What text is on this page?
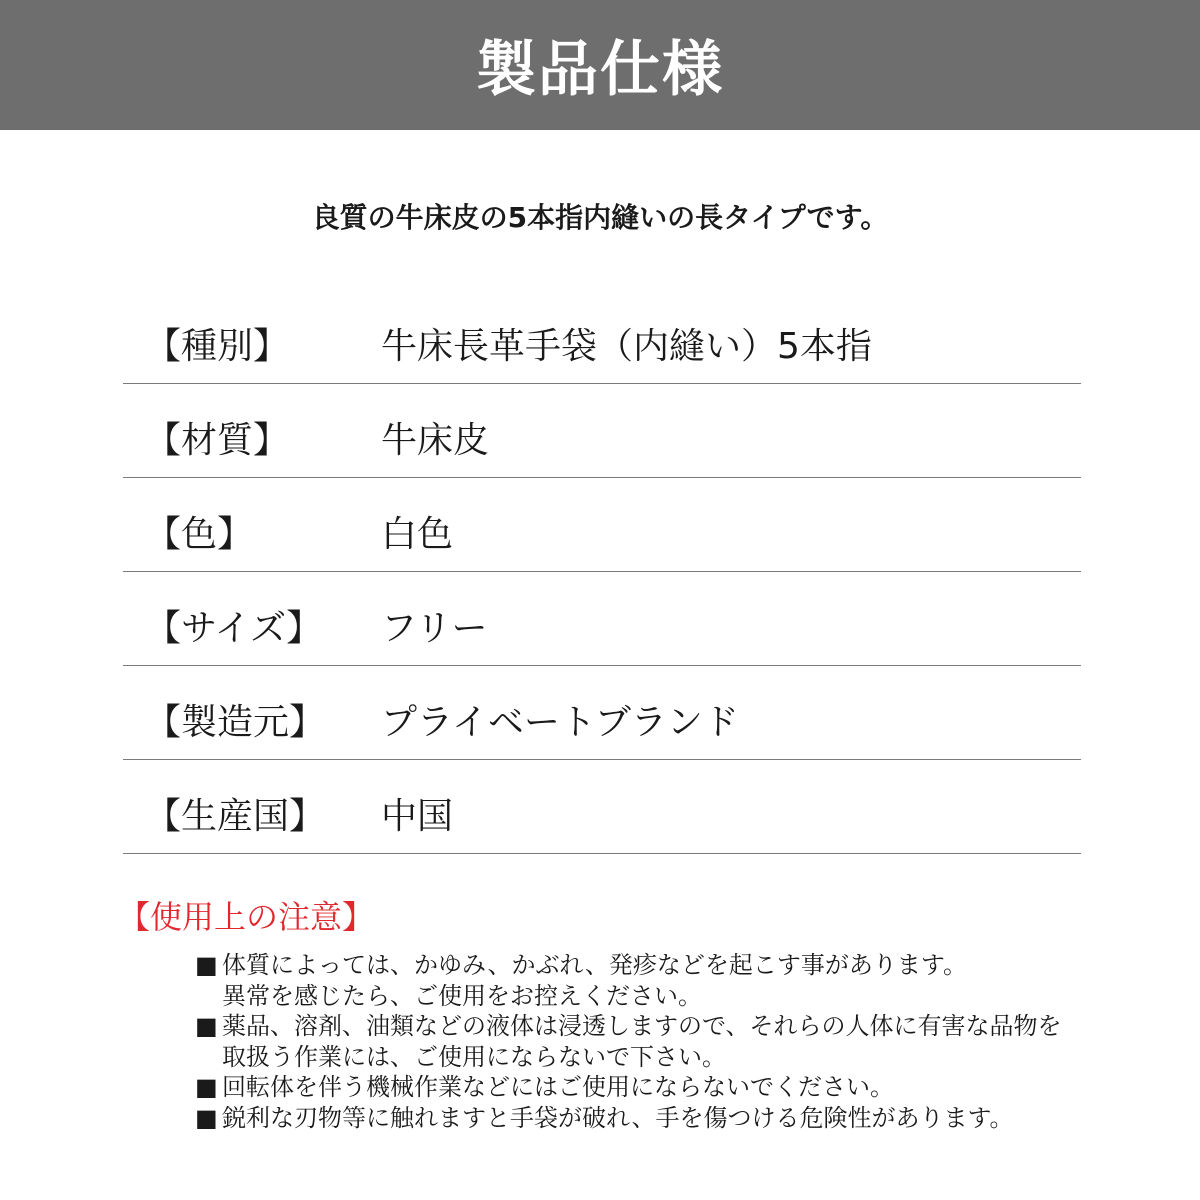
製品仕様
良質の牛床皮の5本指内縫いの長タイプです。
【種別】	牛床長革手袋（内縫い）5本指
【材質】	牛床皮
【色】	白色
【サイズ】 フリー
【製造元】 プライベートブランド
【生産国】 中国
【使用上の注意】
■ 体質によっては、かゆみ、かぶれ、発疹などを起こす事があります。
異常を感じたら、ご使用をお控えください。
■ 薬品、溶剤、油類などの液体は浸透しますので、それらの人体に有害な品物を
取扱う作業には、ご使用にならないで下さい。
■ 回転体を伴う機械作業などにはご使用にならないでください。
■ 鋭利な刃物等に触れますと手袋が破れ、手を傷つける危険性があります。
